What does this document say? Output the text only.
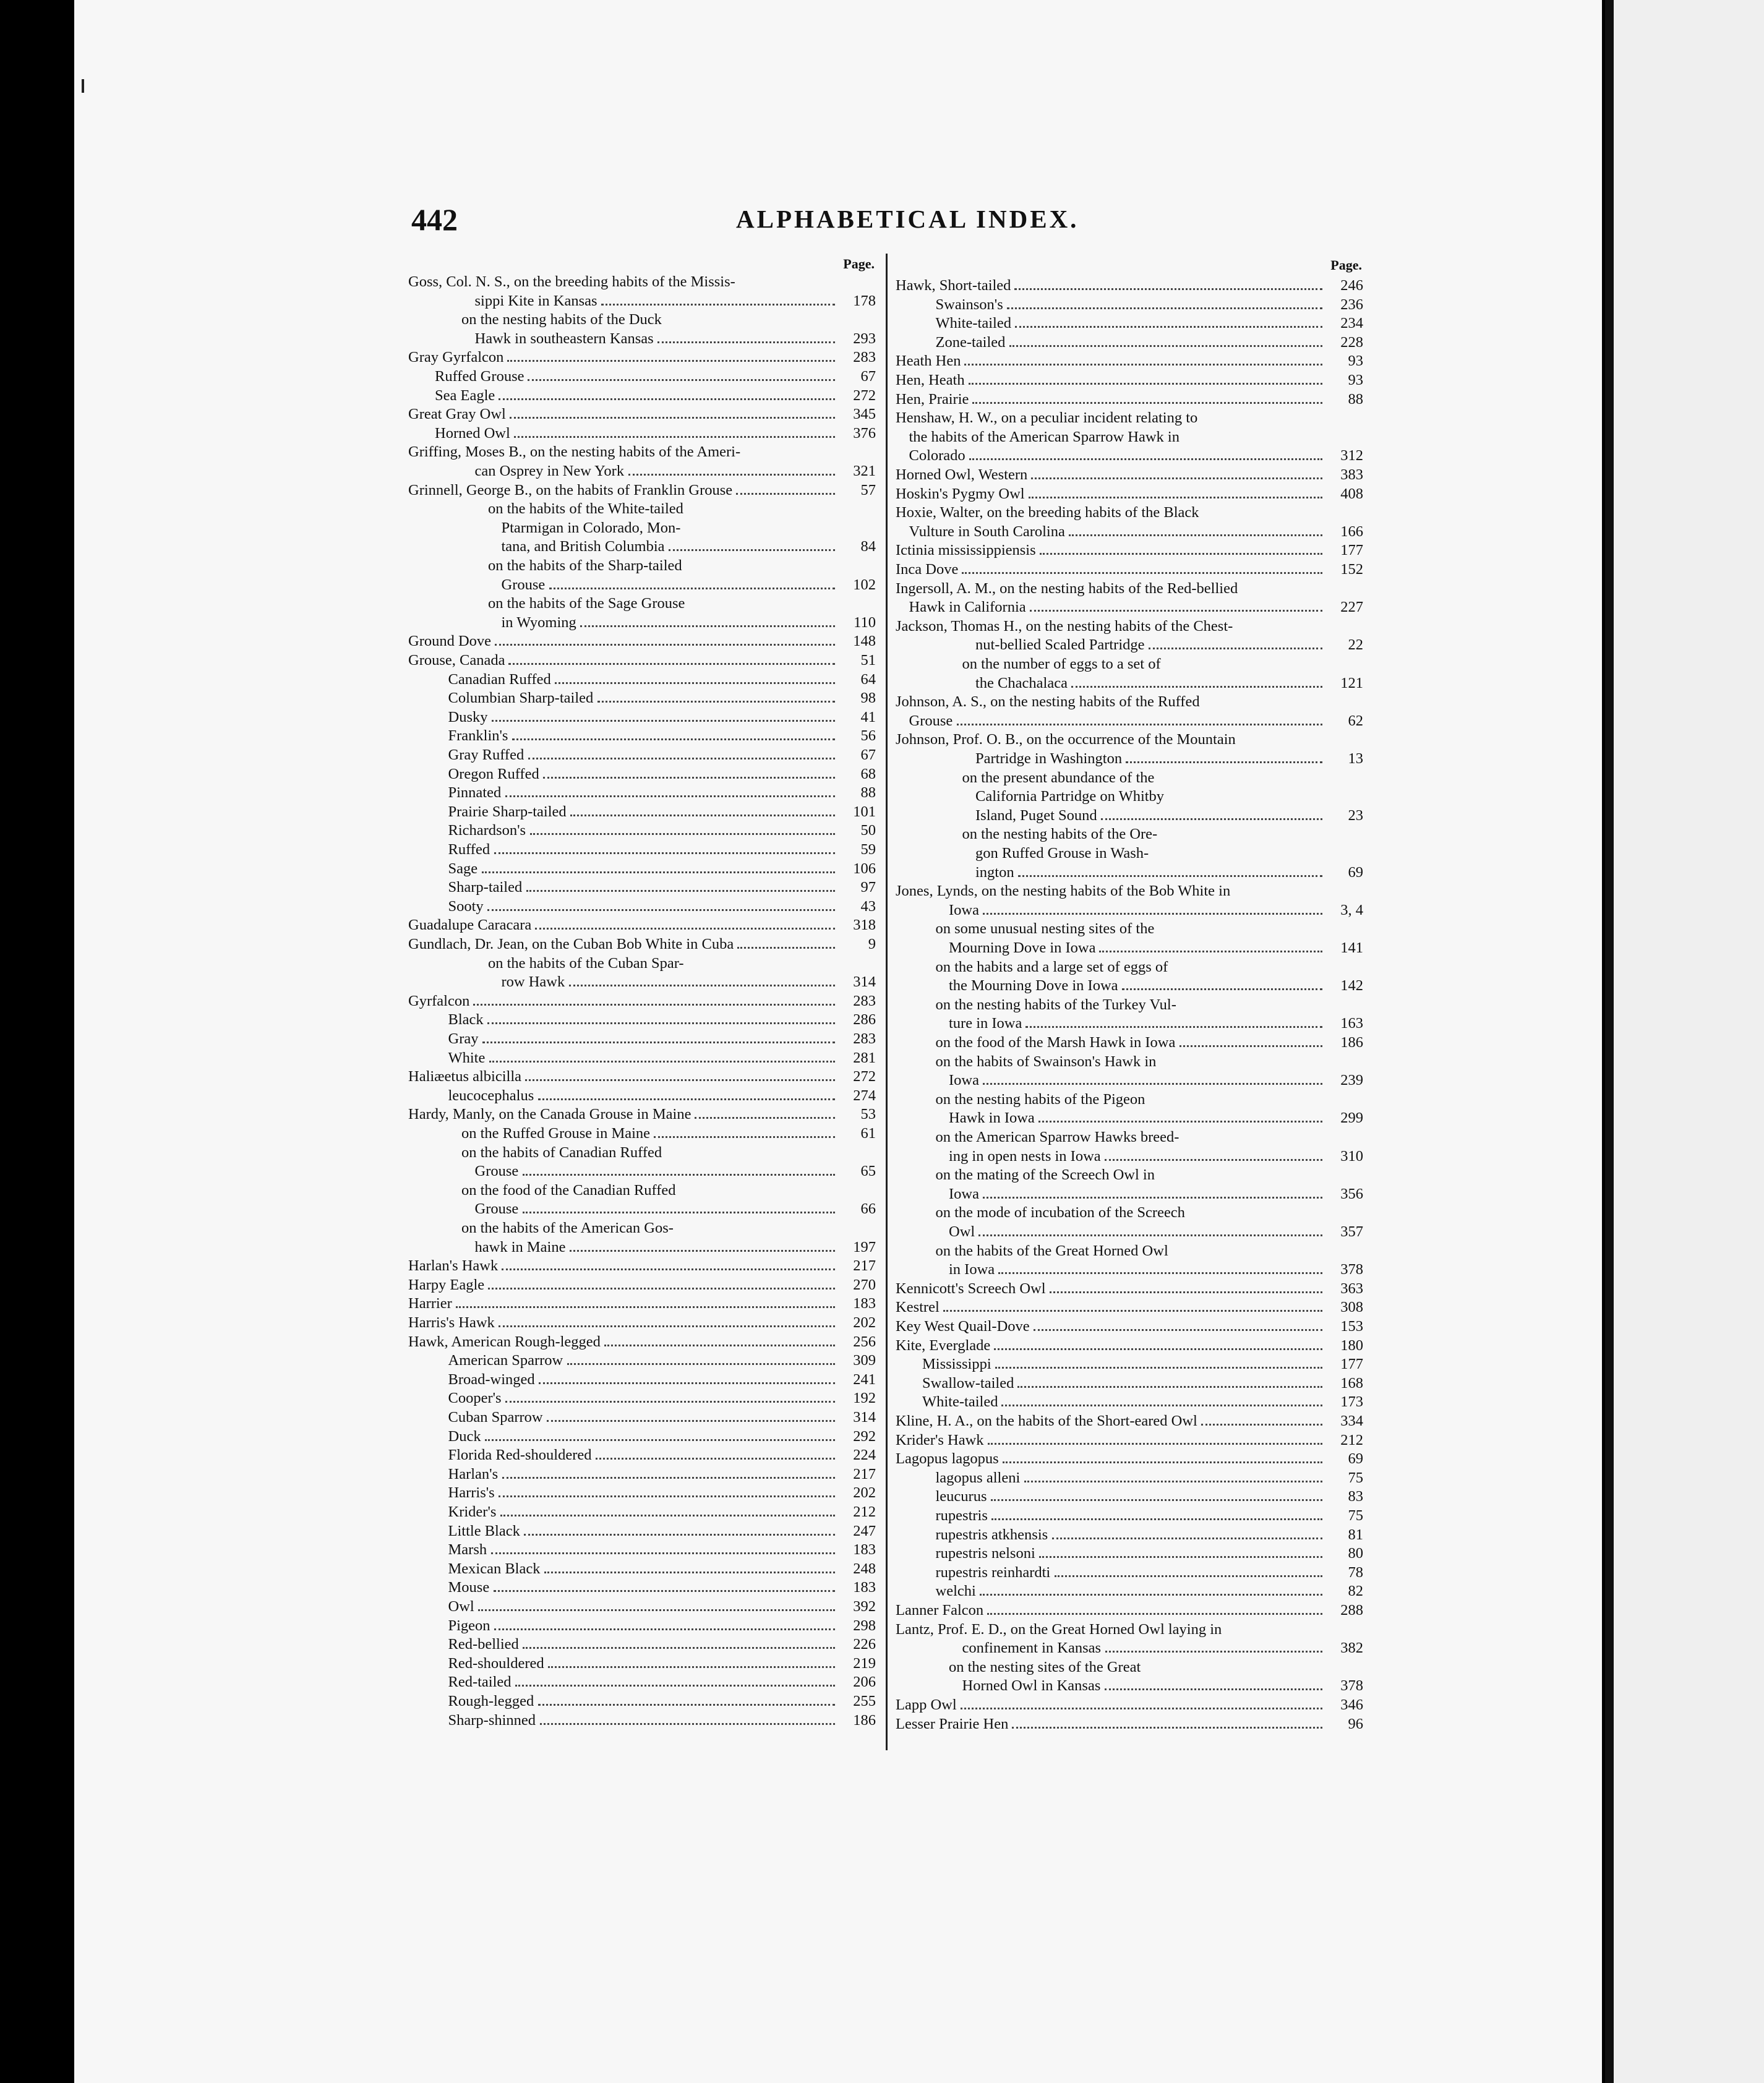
442	ALPHABETICAL INDEX.
Page.
Goss, Col. N. S., on the breeding habits of the Missis-
sippi Kite in Kansas	178
on the nesting habits of the Duck
Hawk in southeastern Kansas	293
Gray Gyrfalcon	283
Ruffed Grouse	67
Sea Eagle	272
Great Gray Owl	345
Horned Owl	376
Griffing, Moses B., on the nesting habits of the Ameri-
can Osprey in New York	321
Grinnell, George B., on the habits of Franklin Grouse	57
on the habits of the White-tailed
Ptarmigan in Colorado, Mon-
tana, and British Columbia	84
on the habits of the Sharp-tailed
Grouse	102
on the habits of the Sage Grouse
in Wyoming	110
Ground Dove	148
Grouse, Canada	51
Canadian Ruffed	64
Columbian Sharp-tailed	98
Dusky	41
Franklin's	56
Gray Ruffed	67
Oregon Ruffed	68
Pinnated	88
Prairie Sharp-tailed	101
Richardson's	50
Ruffed	59
Sage	106
Sharp-tailed	97
Sooty	43
Guadalupe Caracara	318
Gundlach, Dr. Jean, on the Cuban Bob White in Cuba	9
on the habits of the Cuban Spar-
row Hawk	314
Gyrfalcon	283
Black	286
Gray	283
White	281
Haliæetus albicilla	272
leucocephalus	274
Hardy, Manly, on the Canada Grouse in Maine	53
on the Ruffed Grouse in Maine	61
on the habits of Canadian Ruffed
Grouse	65
on the food of the Canadian Ruffed
Grouse	66
on the habits of the American Gos-
hawk in Maine	197
Harlan's Hawk	217
Harpy Eagle	270
Harrier	183
Harris's Hawk	202
Hawk, American Rough-legged	256
American Sparrow	309
Broad-winged	241
Cooper's	192
Cuban Sparrow	314
Duck	292
Florida Red-shouldered	224
Harlan's	217
Harris's	202
Krider's	212
Little Black	247
Marsh	183
Mexican Black	248
Mouse	183
Owl	392
Pigeon	298
Red-bellied	226
Red-shouldered	219
Red-tailed	206
Rough-legged	255
Sharp-shinned	186
Page.
Hawk, Short-tailed	246
Swainson's	236
White-tailed	234
Zone-tailed	228
Heath Hen	93
Hen, Heath	93
Hen, Prairie	88
Henshaw, H. W., on a peculiar incident relating to
the habits of the American Sparrow Hawk in
Colorado	312
Horned Owl, Western	383
Hoskin's Pygmy Owl	408
Hoxie, Walter, on the breeding habits of the Black
Vulture in South Carolina	166
Ictinia mississippiensis	177
Inca Dove	152
Ingersoll, A. M., on the nesting habits of the Red-bellied
Hawk in California	227
Jackson, Thomas H., on the nesting habits of the Chest-
nut-bellied Scaled Partridge	22
on the number of eggs to a set of
the Chachalaca	121
Johnson, A. S., on the nesting habits of the Ruffed
Grouse	62
Johnson, Prof. O. B., on the occurrence of the Mountain
Partridge in Washington	13
on the present abundance of the
California Partridge on Whitby
Island, Puget Sound	23
on the nesting habits of the Ore-
gon Ruffed Grouse in Wash-
ington	69
Jones, Lynds, on the nesting habits of the Bob White in
Iowa	3, 4
on some unusual nesting sites of the
Mourning Dove in Iowa	141
on the habits and a large set of eggs of
the Mourning Dove in Iowa	142
on the nesting habits of the Turkey Vul-
ture in Iowa	163
on the food of the Marsh Hawk in Iowa	186
on the habits of Swainson's Hawk in
Iowa	239
on the nesting habits of the Pigeon
Hawk in Iowa	299
on the American Sparrow Hawks breed-
ing in open nests in Iowa	310
on the mating of the Screech Owl in
Iowa	356
on the mode of incubation of the Screech
Owl	357
on the habits of the Great Horned Owl
in Iowa	378
Kennicott's Screech Owl	363
Kestrel	308
Key West Quail-Dove	153
Kite, Everglade	180
Mississippi	177
Swallow-tailed	168
White-tailed	173
Kline, H. A., on the habits of the Short-eared Owl	334
Krider's Hawk	212
Lagopus lagopus	69
lagopus alleni	75
leucurus	83
rupestris	75
rupestris atkhensis	81
rupestris nelsoni	80
rupestris reinhardti	78
welchi	82
Lanner Falcon	288
Lantz, Prof. E. D., on the Great Horned Owl laying in
confinement in Kansas	382
on the nesting sites of the Great
Horned Owl in Kansas	378
Lapp Owl	346
Lesser Prairie Hen	96
